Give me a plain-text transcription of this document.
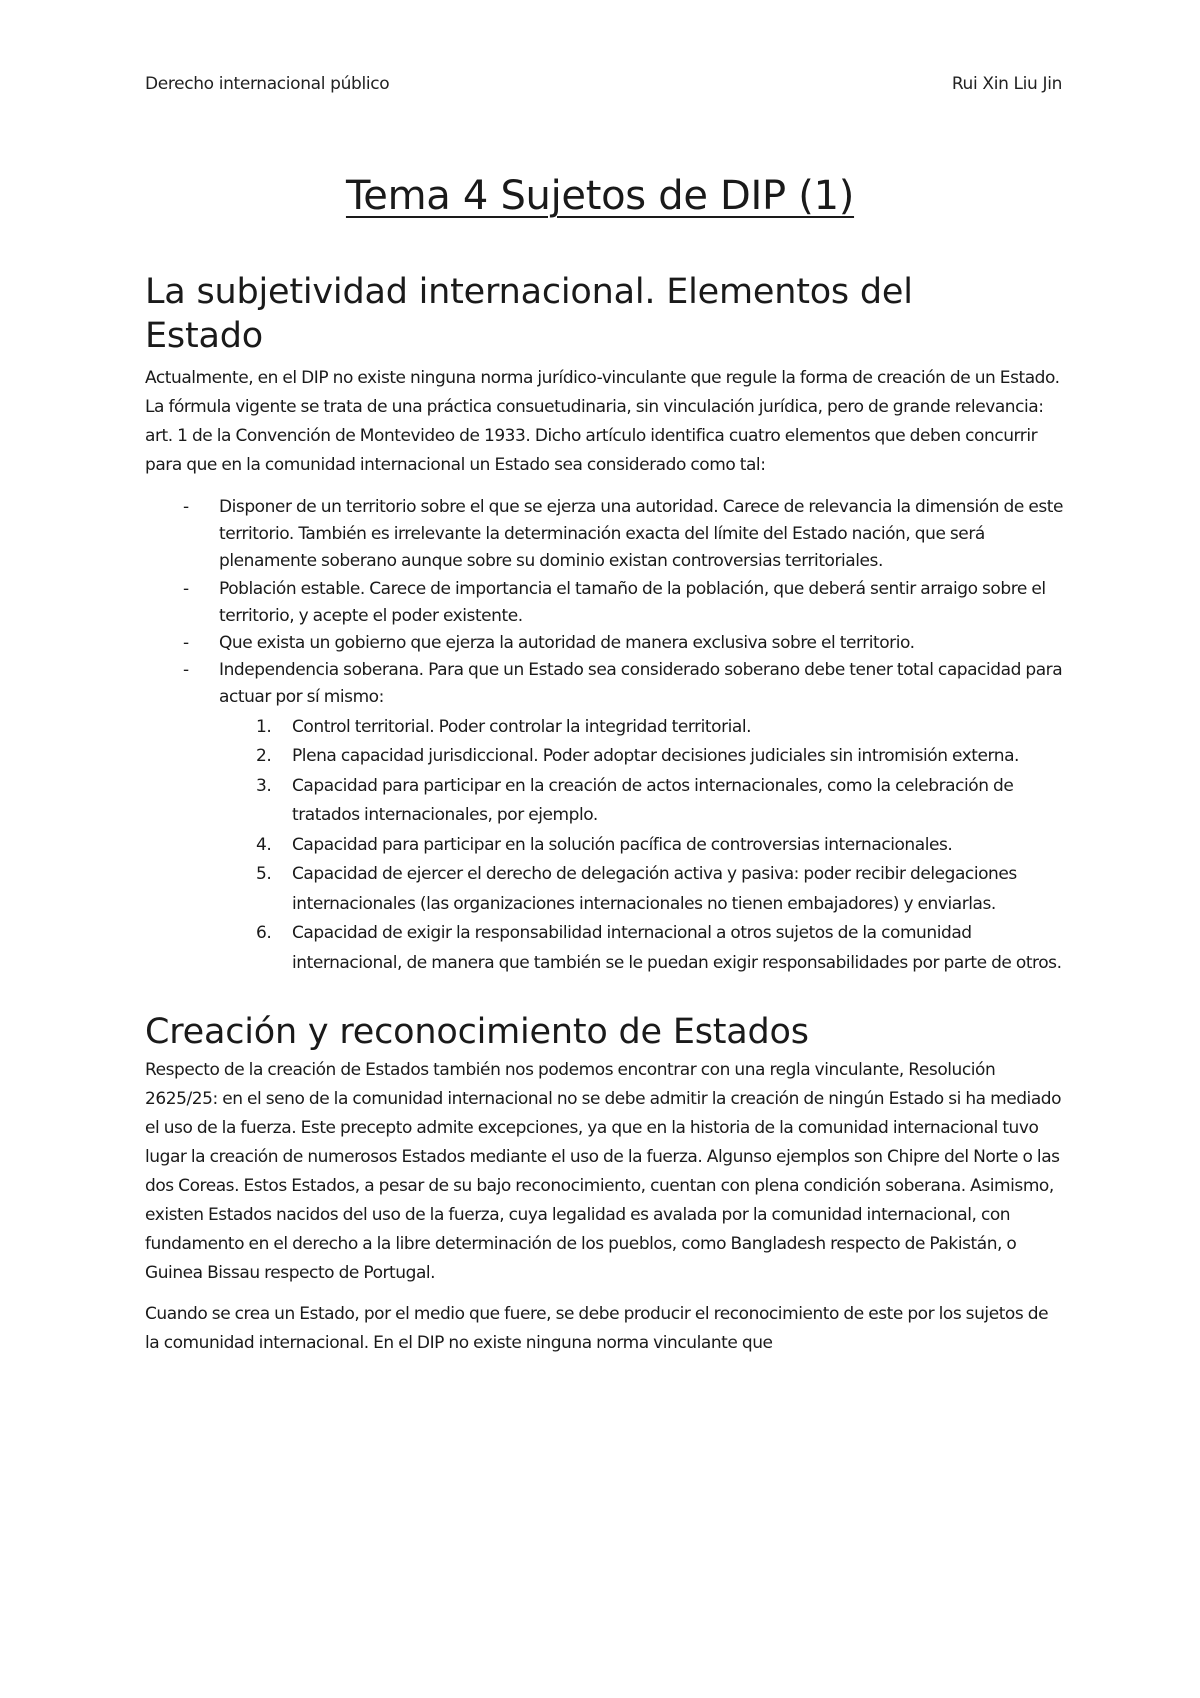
Derecho internacional público	Rui Xin Liu Jin
Tema 4 Sujetos de DIP (1)
La subjetividad internacional. Elementos del Estado

Actualmente, en el DIP no existe ninguna norma jurídico-vinculante que regule la forma de creación de un Estado. La fórmula vigente se trata de una práctica consuetudinaria, sin vinculación jurídica, pero de grande relevancia: art. 1 de la Convención de Montevideo de 1933. Dicho artículo identifica cuatro elementos que deben concurrir para que en la comunidad internacional un Estado sea considerado como tal:

- Disponer de un territorio sobre el que se ejerza una autoridad. Carece de relevancia la dimensión de este territorio. También es irrelevante la determinación exacta del límite del Estado nación, que será plenamente soberano aunque sobre su dominio existan controversias territoriales.
- Población estable. Carece de importancia el tamaño de la población, que deberá sentir arraigo sobre el territorio, y acepte el poder existente.
- Que exista un gobierno que ejerza la autoridad de manera exclusiva sobre el territorio.
- Independencia soberana. Para que un Estado sea considerado soberano debe tener total capacidad para actuar por sí mismo:
1. Control territorial. Poder controlar la integridad territorial.
2. Plena capacidad jurisdiccional. Poder adoptar decisiones judiciales sin intromisión externa.
3. Capacidad para participar en la creación de actos internacionales, como la celebración de tratados internacionales, por ejemplo.
4. Capacidad para participar en la solución pacífica de controversias internacionales.
5. Capacidad de ejercer el derecho de delegación activa y pasiva: poder recibir delegaciones internacionales (las organizaciones internacionales no tienen embajadores) y enviarlas.
6. Capacidad de exigir la responsabilidad internacional a otros sujetos de la comunidad internacional, de manera que también se le puedan exigir responsabilidades por parte de otros.
Creación y reconocimiento de Estados

Respecto de la creación de Estados también nos podemos encontrar con una regla vinculante, Resolución 2625/25: en el seno de la comunidad internacional no se debe admitir la creación de ningún Estado si ha mediado el uso de la fuerza. Este precepto admite excepciones, ya que en la historia de la comunidad internacional tuvo lugar la creación de numerosos Estados mediante el uso de la fuerza. Algunso ejemplos son Chipre del Norte o las dos Coreas. Estos Estados, a pesar de su bajo reconocimiento, cuentan con plena condición soberana. Asimismo, existen Estados nacidos del uso de la fuerza, cuya legalidad es avalada por la comunidad internacional, con fundamento en el derecho a la libre determinación de los pueblos, como Bangladesh respecto de Pakistán, o Guinea Bissau respecto de Portugal.

Cuando se crea un Estado, por el medio que fuere, se debe producir el reconocimiento de este por los sujetos de la comunidad internacional. En el DIP no existe ninguna norma vinculante que
